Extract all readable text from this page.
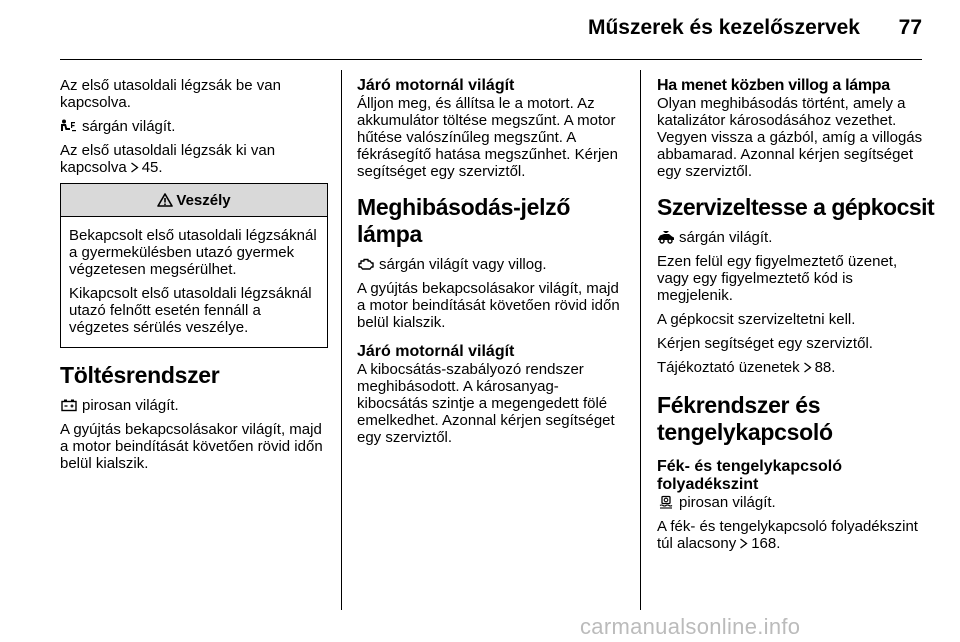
Műszerek és kezelőszervek	77

Az első utasoldali légzsák be van kapcsolva.

sárgán világít.

Az első utasoldali légzsák ki van kapcsolva 45.

Veszély

Bekapcsolt első utasoldali légzsáknál a gyermekülésben utazó gyermek végzetesen megsérülhet.

Kikapcsolt első utasoldali légzsáknál utazó felnőtt esetén fennáll a végzetes sérülés veszélye.

Töltésrendszer

pirosan világít.

A gyújtás bekapcsolásakor világít, majd a motor beindítását követően rövid időn belül kialszik.

Járó motornál világít

Álljon meg, és állítsa le a motort. Az akkumulátor töltése megszűnt. A motor hűtése valószínűleg megszűnt. A fékrásegítő hatása megszűnhet. Kérjen segítséget egy szerviztől.

Meghibásodás-jelző lámpa

sárgán világít vagy villog.

A gyújtás bekapcsolásakor világít, majd a motor beindítását követően rövid időn belül kialszik.

Járó motornál világít

A kibocsátás-szabályozó rendszer meghibásodott. A károsanyag-kibocsátás szintje a megengedett fölé emelkedhet. Azonnal kérjen segítséget egy szerviztől.

Ha menet közben villog a lámpa

Olyan meghibásodás történt, amely a katalizátor károsodásához vezethet. Vegyen vissza a gázból, amíg a villogás abbamarad. Azonnal kérjen segítséget egy szerviztől.

Szervizeltesse a gépkocsit

sárgán világít.

Ezen felül egy figyelmeztető üzenet, vagy egy figyelmeztető kód is megjelenik.

A gépkocsit szervizeltetni kell.

Kérjen segítséget egy szerviztől.

Tájékoztató üzenetek 88.

Fékrendszer és tengelykapcsoló
Fék- és tengelykapcsoló folyadékszint

pirosan világít.

A fék- és tengelykapcsoló folyadékszint túl alacsony 168.

carmanualsonline.info
